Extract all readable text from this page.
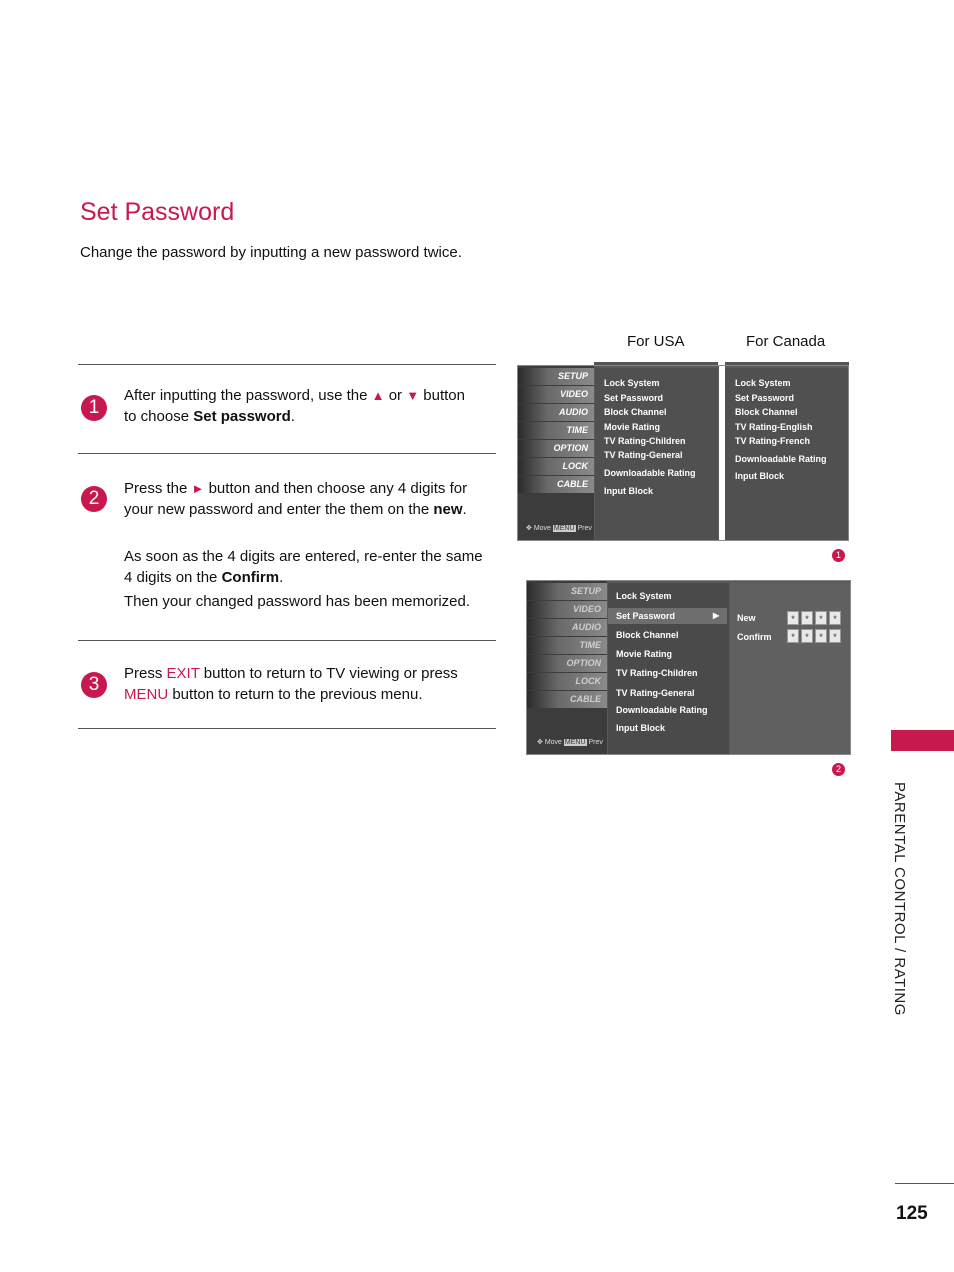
Set Password
Change the password by inputting a new password twice.
1
After inputting the password, use the ▲ or ▼ button
to choose Set password.
2	Press the ► button and then choose any 4 digits for
your new password and enter the them on the new.
As soon as the 4 digits are entered, re-enter the same
4 digits on the Confirm.
Then your changed password has been memorized.
3
Press EXIT button to return to TV viewing or press
MENU button to return to the previous menu.
For USA	For Canada
SETUP
VIDEO
AUDIO
TIME
OPTION
LOCK
CABLE
✥ Move MENU Prev
Lock System
Set Password
Block Channel
Movie Rating
TV Rating-Children
TV Rating-General
Downloadable Rating
Input Block
Lock System
Set Password
Block Channel
TV Rating-English
TV Rating-French
Downloadable Rating
Input Block
1
SETUP
VIDEO
AUDIO
TIME
OPTION
LOCK
CABLE
✥ Move MENU Prev
Lock System
Set Password	▶
Block Channel
Movie Rating
TV Rating-Children
TV Rating-General
Downloadable Rating
Input Block
New
Confirm
*	*	*	*
*	*	*	*
2
PARENTAL CONTROL / RATING
125
